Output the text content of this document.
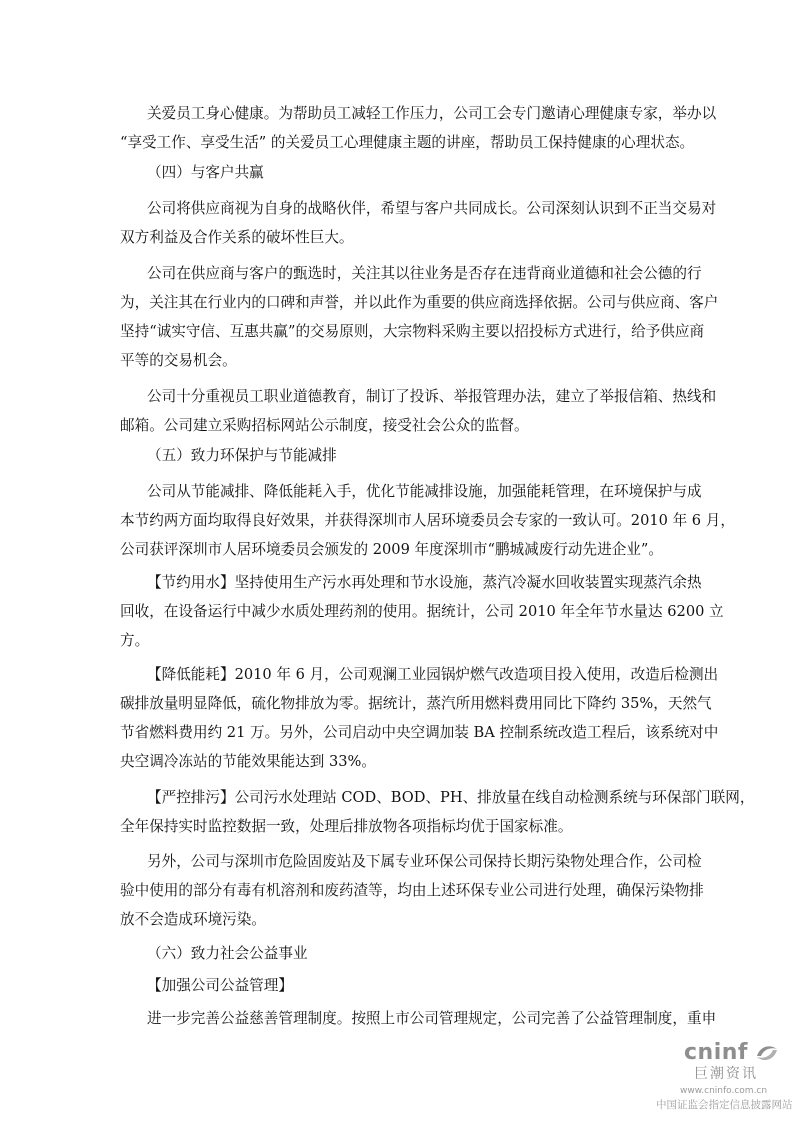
关爱员工身心健康。为帮助员工减轻工作压力，公司工会专门邀请心理健康专家，举办以

“享受工作、享受生活” 的关爱员工心理健康主题的讲座，帮助员工保持健康的心理状态。

（四）与客户共赢

公司将供应商视为自身的战略伙伴，希望与客户共同成长。公司深刻认识到不正当交易对

双方利益及合作关系的破坏性巨大。

公司在供应商与客户的甄选时，关注其以往业务是否存在违背商业道德和社会公德的行

为，关注其在行业内的口碑和声誉，并以此作为重要的供应商选择依据。公司与供应商、客户

坚持“诚实守信、互惠共赢”的交易原则，大宗物料采购主要以招投标方式进行，给予供应商

平等的交易机会。

公司十分重视员工职业道德教育，制订了投诉、举报管理办法，建立了举报信箱、热线和

邮箱。公司建立采购招标网站公示制度，接受社会公众的监督。

（五）致力环保护与节能减排

公司从节能减排、降低能耗入手，优化节能减排设施，加强能耗管理，在环境保护与成

本节约两方面均取得良好效果，并获得深圳市人居环境委员会专家的一致认可。2010 年 6 月，

公司获评深圳市人居环境委员会颁发的 2009 年度深圳市“鹏城减废行动先进企业”。

【节约用水】坚持使用生产污水再处理和节水设施，蒸汽冷凝水回收装置实现蒸汽余热

回收，在设备运行中减少水质处理药剂的使用。据统计，公司 2010 年全年节水量达 6200 立

方。

【降低能耗】2010 年 6 月，公司观澜工业园锅炉燃气改造项目投入使用，改造后检测出

碳排放量明显降低，硫化物排放为零。据统计，蒸汽所用燃料费用同比下降约 35%，天然气

节省燃料费用约 21 万。另外，公司启动中央空调加装 BA 控制系统改造工程后，该系统对中

央空调冷冻站的节能效果能达到 33%。

【严控排污】公司污水处理站 COD、BOD、PH、排放量在线自动检测系统与环保部门联网，

全年保持实时监控数据一致，处理后排放物各项指标均优于国家标准。

另外，公司与深圳市危险固废站及下属专业环保公司保持长期污染物处理合作，公司检

验中使用的部分有毒有机溶剂和废药渣等，均由上述环保专业公司进行处理，确保污染物排

放不会造成环境污染。

（六）致力社会公益事业

【加强公司公益管理】

进一步完善公益慈善管理制度。按照上市公司管理规定，公司完善了公益管理制度，重申

cninf

巨潮资讯

www.cninfo.com.cn

中国证监会指定信息披露网站
